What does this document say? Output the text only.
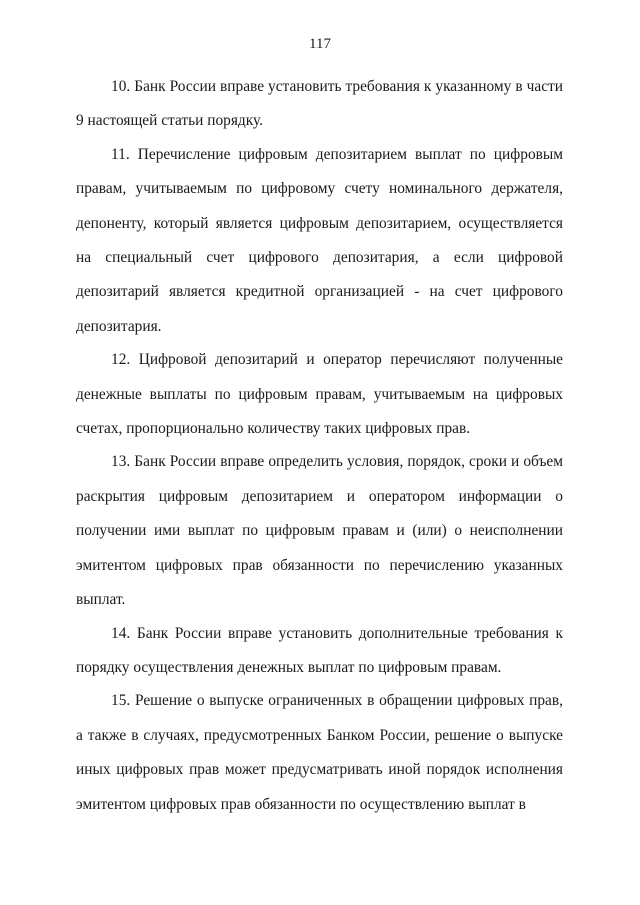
117

10. Банк России вправе установить требования к указанному в части 9 настоящей статьи порядку.

11. Перечисление цифровым депозитарием выплат по цифровым правам, учитываемым по цифровому счету номинального держателя, депоненту, который является цифровым депозитарием, осуществляется на специальный счет цифрового депозитария, а если цифровой депозитарий является кредитной организацией - на счет цифрового депозитария.

12. Цифровой депозитарий и оператор перечисляют полученные денежные выплаты по цифровым правам, учитываемым на цифровых счетах, пропорционально количеству таких цифровых прав.

13. Банк России вправе определить условия, порядок, сроки и объем раскрытия цифровым депозитарием и оператором информации о получении ими выплат по цифровым правам и (или) о неисполнении эмитентом цифровых прав обязанности по перечислению указанных выплат.

14. Банк России вправе установить дополнительные требования к порядку осуществления денежных выплат по цифровым правам.

15. Решение о выпуске ограниченных в обращении цифровых прав, а также в случаях, предусмотренных Банком России, решение о выпуске иных цифровых прав может предусматривать иной порядок исполнения эмитентом цифровых прав обязанности по осуществлению выплат в
